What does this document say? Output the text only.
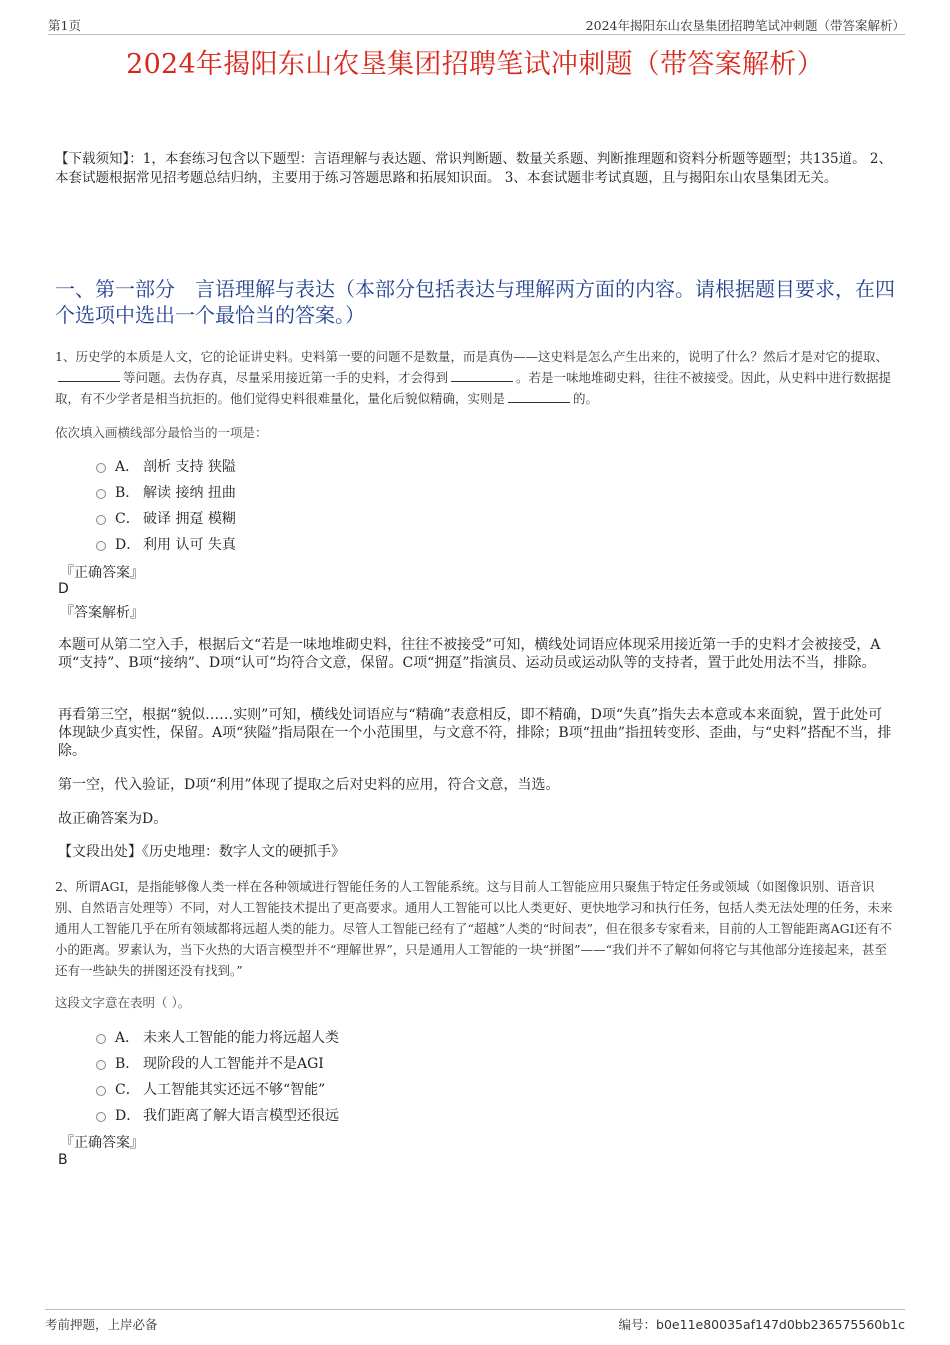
第1页	2024年揭阳东山农垦集团招聘笔试冲刺题（带答案解析）
2024年揭阳东山农垦集团招聘笔试冲刺题（带答案解析）
【下载须知】：1，本套练习包含以下题型：言语理解与表达题、常识判断题、数量关系题、判断推理题和资料分析题等题型；共135道。 2、本套试题根据常见招考题总结归纳，主要用于练习答题思路和拓展知识面。 3、本套试题非考试真题，且与揭阳东山农垦集团无关。
一、第一部分　言语理解与表达（本部分包括表达与理解两方面的内容。请根据题目要求，在四个选项中选出一个最恰当的答案。）
1、历史学的本质是人文，它的论证讲史料。史料第一要的问题不是数量，而是真伪——这史料是怎么产生出来的，说明了什么？然后才是对它的提取、等问题。去伪存真，尽量采用接近第一手的史料，才会得到	。若是一味地堆砌史料，往往不被接受。因此，从史料中进行数据提取，有不少学者是相当抗拒的。他们觉得史料很难量化，量化后貌似精确，实则是	的。
依次填入画横线部分最恰当的一项是：
A． 剖析 支持 狭隘
B． 解读 接纳 扭曲
C． 破译 拥趸 模糊
D． 利用 认可 失真
『正确答案』
D
『答案解析』
本题可从第二空入手，根据后文“若是一味地堆砌史料，往往不被接受”可知，横线处词语应体现采用接近第一手的史料才会被接受，A项“支持”、B项“接纳”、D项“认可”均符合文意，保留。C项“拥趸”指演员、运动员或运动队等的支持者，置于此处用法不当，排除。
再看第三空，根据“貌似……实则”可知，横线处词语应与“精确”表意相反，即不精确，D项“失真”指失去本意或本来面貌，置于此处可体现缺少真实性，保留。A项“狭隘”指局限在一个小范围里，与文意不符，排除；B项“扭曲”指扭转变形、歪曲，与“史料”搭配不当，排除。
第一空，代入验证，D项“利用”体现了提取之后对史料的应用，符合文意，当选。
故正确答案为D。
【文段出处】《历史地理：数字人文的硬抓手》
2、所谓AGI，是指能够像人类一样在各种领域进行智能任务的人工智能系统。这与目前人工智能应用只聚焦于特定任务或领域（如图像识别、语音识别、自然语言处理等）不同，对人工智能技术提出了更高要求。通用人工智能可以比人类更好、更快地学习和执行任务，包括人类无法处理的任务，未来通用人工智能几乎在所有领域都将远超人类的能力。尽管人工智能已经有了“超越”人类的“时间表”，但在很多专家看来，目前的人工智能距离AGI还有不小的距离。罗素认为，当下火热的大语言模型并不“理解世界”，只是通用人工智能的一块“拼图”——“我们并不了解如何将它与其他部分连接起来，甚至还有一些缺失的拼图还没有找到。”
这段文字意在表明（ ）。
A． 未来人工智能的能力将远超人类
B． 现阶段的人工智能并不是AGI
C． 人工智能其实还远不够“智能”
D． 我们距离了解大语言模型还很远
『正确答案』
B
考前押题，上岸必备	编号：b0e11e80035af147d0bb236575560b1c
